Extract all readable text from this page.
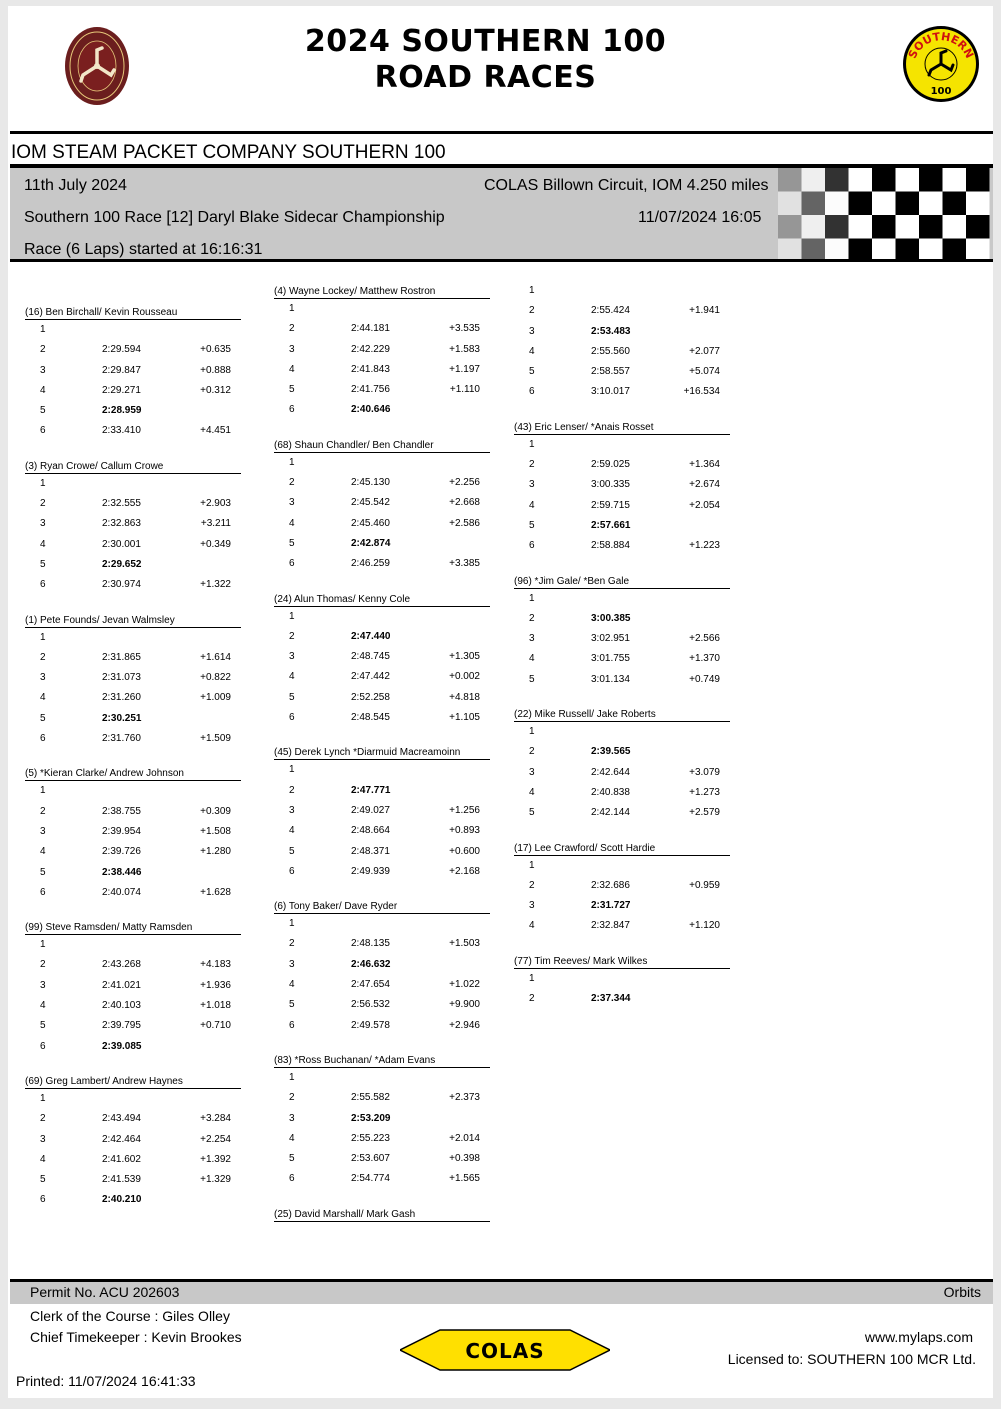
2024 SOUTHERN 100
ROAD RACES
SOUTHERN
100
IOM STEAM PACKET COMPANY SOUTHERN 100
11th July 2024	COLAS Billown Circuit, IOM 4.250 miles
Southern 100 Race [12] Daryl Blake Sidecar Championship	11/07/2024 16:05
Race (6 Laps) started at 16:16:31
(16) Ben Birchall/ Kevin Rousseau
1
2	2:29.594	+0.635
3	2:29.847	+0.888
4	2:29.271	+0.312
5	2:28.959
6	2:33.410	+4.451
(3) Ryan Crowe/ Callum Crowe
1
2	2:32.555	+2.903
3	2:32.863	+3.211
4	2:30.001	+0.349
5	2:29.652
6	2:30.974	+1.322
(1) Pete Founds/ Jevan Walmsley
1
2	2:31.865	+1.614
3	2:31.073	+0.822
4	2:31.260	+1.009
5	2:30.251
6	2:31.760	+1.509
(5) *Kieran Clarke/ Andrew Johnson
1
2	2:38.755	+0.309
3	2:39.954	+1.508
4	2:39.726	+1.280
5	2:38.446
6	2:40.074	+1.628
(99) Steve Ramsden/ Matty Ramsden
1
2	2:43.268	+4.183
3	2:41.021	+1.936
4	2:40.103	+1.018
5	2:39.795	+0.710
6	2:39.085
(69) Greg Lambert/ Andrew Haynes
1
2	2:43.494	+3.284
3	2:42.464	+2.254
4	2:41.602	+1.392
5	2:41.539	+1.329
6	2:40.210
(4) Wayne Lockey/ Matthew Rostron
1
2	2:44.181	+3.535
3	2:42.229	+1.583
4	2:41.843	+1.197
5	2:41.756	+1.110
6	2:40.646
(68) Shaun Chandler/ Ben Chandler
1
2	2:45.130	+2.256
3	2:45.542	+2.668
4	2:45.460	+2.586
5	2:42.874
6	2:46.259	+3.385
(24) Alun Thomas/ Kenny Cole
1
2	2:47.440
3	2:48.745	+1.305
4	2:47.442	+0.002
5	2:52.258	+4.818
6	2:48.545	+1.105
(45) Derek Lynch *Diarmuid Macreamoinn
1
2	2:47.771
3	2:49.027	+1.256
4	2:48.664	+0.893
5	2:48.371	+0.600
6	2:49.939	+2.168
(6) Tony Baker/ Dave Ryder
1
2	2:48.135	+1.503
3	2:46.632
4	2:47.654	+1.022
5	2:56.532	+9.900
6	2:49.578	+2.946
(83) *Ross Buchanan/ *Adam Evans
1
2	2:55.582	+2.373
3	2:53.209
4	2:55.223	+2.014
5	2:53.607	+0.398
6	2:54.774	+1.565
(25) David Marshall/ Mark Gash
1
2	2:55.424	+1.941
3	2:53.483
4	2:55.560	+2.077
5	2:58.557	+5.074
6	3:10.017	+16.534
(43) Eric Lenser/ *Anais Rosset
1
2	2:59.025	+1.364
3	3:00.335	+2.674
4	2:59.715	+2.054
5	2:57.661
6	2:58.884	+1.223
(96) *Jim Gale/ *Ben Gale
1
2	3:00.385
3	3:02.951	+2.566
4	3:01.755	+1.370
5	3:01.134	+0.749
(22) Mike Russell/ Jake Roberts
1
2	2:39.565
3	2:42.644	+3.079
4	2:40.838	+1.273
5	2:42.144	+2.579
(17) Lee Crawford/ Scott Hardie
1
2	2:32.686	+0.959
3	2:31.727
4	2:32.847	+1.120
(77) Tim Reeves/ Mark Wilkes
1
2	2:37.344
Permit No. ACU 202603	Orbits
Clerk of the Course : Giles Olley
Chief Timekeeper : Kevin Brookes	www.mylaps.com
Licensed to: SOUTHERN 100 MCR Ltd.
Printed: 11/07/2024 16:41:33
COLAS
